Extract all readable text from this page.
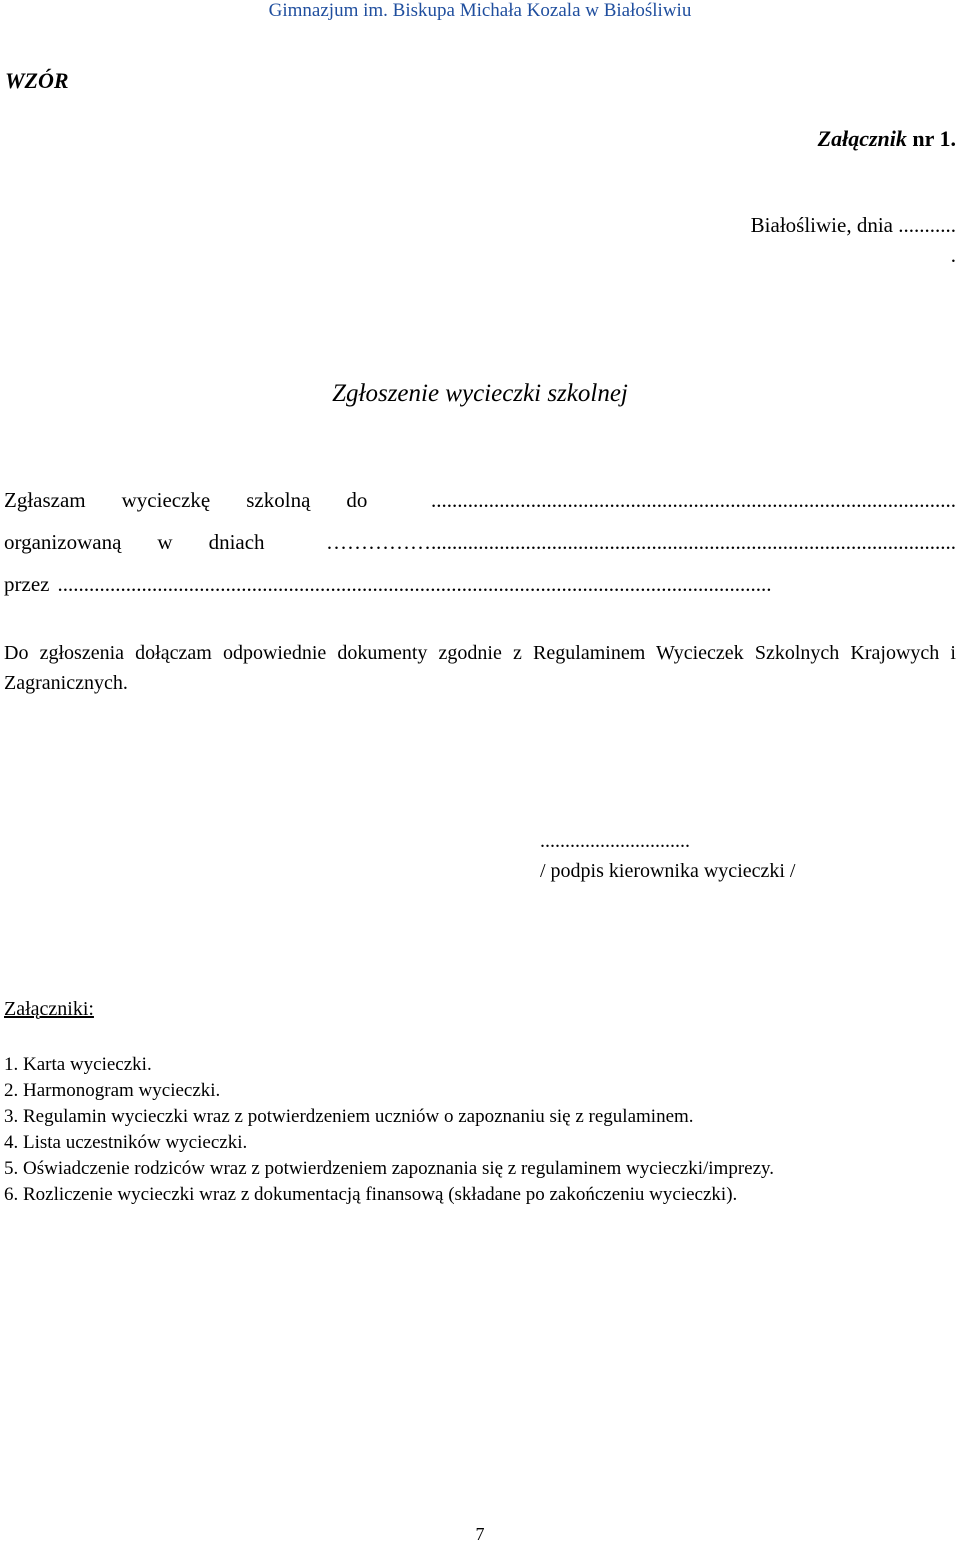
Gimnazjum im. Biskupa Michała Kozala w Białośliwiu
WZÓR
Załącznik nr 1.
Białośliwie, dnia ...........
.
Zgłoszenie wycieczki szkolnej
Zgłaszam wycieczkę szkolną do	....................................................................................................
organizowaną w dniach	……………....................................................................................................
przez ........................................................................................................................................
Do zgłoszenia dołączam odpowiednie dokumenty zgodnie z Regulaminem Wycieczek Szkolnych Krajowych i Zagranicznych.
..............................
/ podpis kierownika wycieczki /
Załączniki:
1. Karta wycieczki.
2. Harmonogram wycieczki.
3. Regulamin wycieczki wraz z potwierdzeniem uczniów o zapoznaniu się z regulaminem.
4. Lista uczestników wycieczki.
5. Oświadczenie rodziców wraz z potwierdzeniem zapoznania się z regulaminem wycieczki/imprezy.
6. Rozliczenie wycieczki wraz z dokumentacją finansową (składane po zakończeniu wycieczki).
7
